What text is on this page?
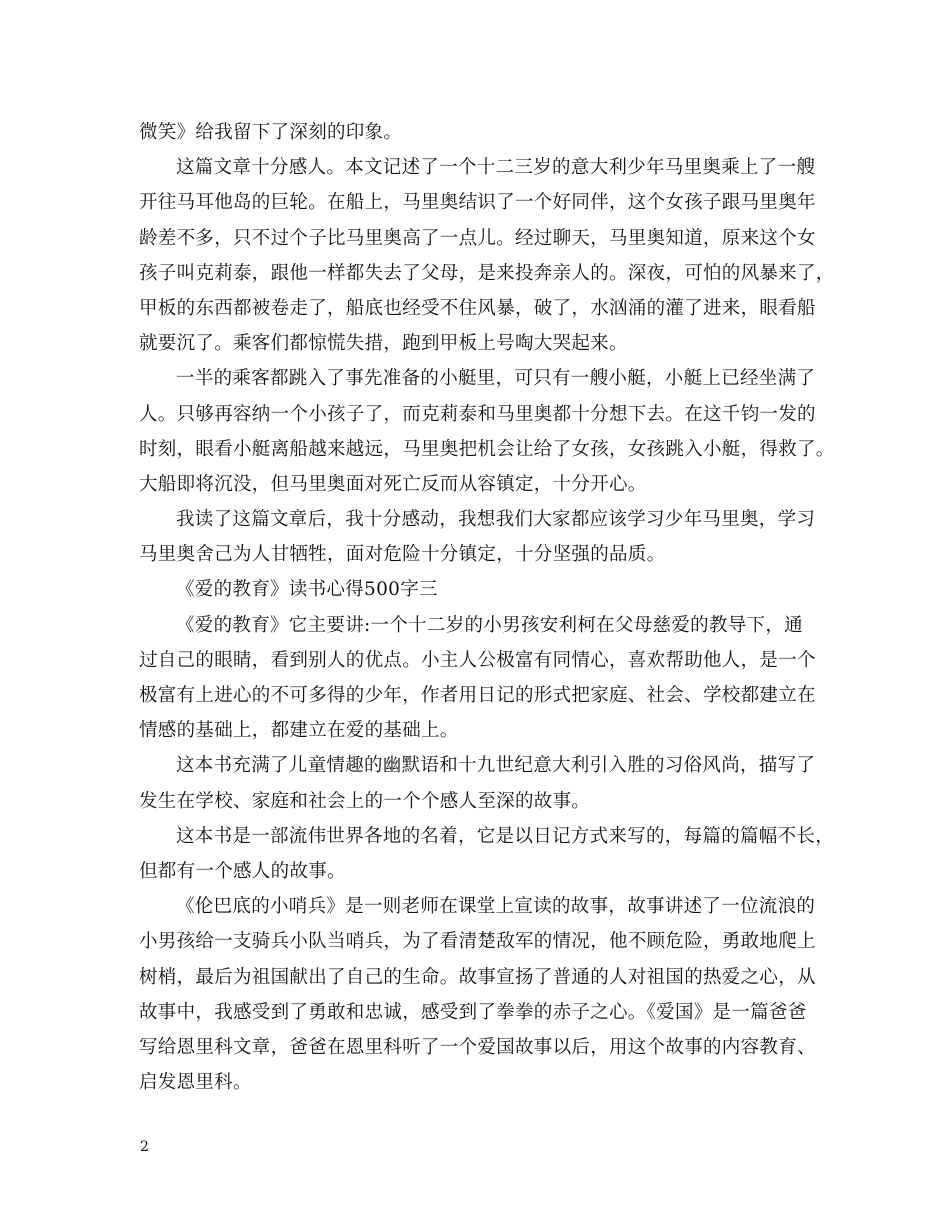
微笑》给我留下了深刻的印象。
这篇文章十分感人。本文记述了一个十二三岁的意大利少年马里奥乘上了一艘
开往马耳他岛的巨轮。在船上，马里奥结识了一个好同伴，这个女孩子跟马里奥年
龄差不多，只不过个子比马里奥高了一点儿。经过聊天，马里奥知道，原来这个女
孩子叫克莉泰，跟他一样都失去了父母，是来投奔亲人的。深夜，可怕的风暴来了，
甲板的东西都被卷走了，船底也经受不住风暴，破了，水汹涌的灌了进来，眼看船
就要沉了。乘客们都惊慌失措，跑到甲板上号啕大哭起来。
一半的乘客都跳入了事先准备的小艇里，可只有一艘小艇，小艇上已经坐满了
人。只够再容纳一个小孩子了，而克莉泰和马里奥都十分想下去。在这千钧一发的
时刻，眼看小艇离船越来越远，马里奥把机会让给了女孩，女孩跳入小艇，得救了。
大船即将沉没，但马里奥面对死亡反而从容镇定，十分开心。
我读了这篇文章后，我十分感动，我想我们大家都应该学习少年马里奥，学习
马里奥舍己为人甘牺牲，面对危险十分镇定，十分坚强的品质。
《爱的教育》读书心得500字三
《爱的教育》它主要讲:一个十二岁的小男孩安利柯在父母慈爱的教导下，通
过自己的眼睛，看到别人的优点。小主人公极富有同情心，喜欢帮助他人，是一个
极富有上进心的不可多得的少年，作者用日记的形式把家庭、社会、学校都建立在
情感的基础上，都建立在爱的基础上。
这本书充满了儿童情趣的幽默语和十九世纪意大利引入胜的习俗风尚，描写了
发生在学校、家庭和社会上的一个个感人至深的故事。
这本书是一部流伟世界各地的名着，它是以日记方式来写的，每篇的篇幅不长，
但都有一个感人的故事。
《伦巴底的小哨兵》是一则老师在课堂上宣读的故事，故事讲述了一位流浪的
小男孩给一支骑兵小队当哨兵，为了看清楚敌军的情况，他不顾危险，勇敢地爬上
树梢，最后为祖国献出了自己的生命。故事宣扬了普通的人对祖国的热爱之心，从
故事中，我感受到了勇敢和忠诚，感受到了拳拳的赤子之心。《爱国》是一篇爸爸
写给恩里科文章，爸爸在恩里科听了一个爱国故事以后，用这个故事的内容教育、
启发恩里科。
2
